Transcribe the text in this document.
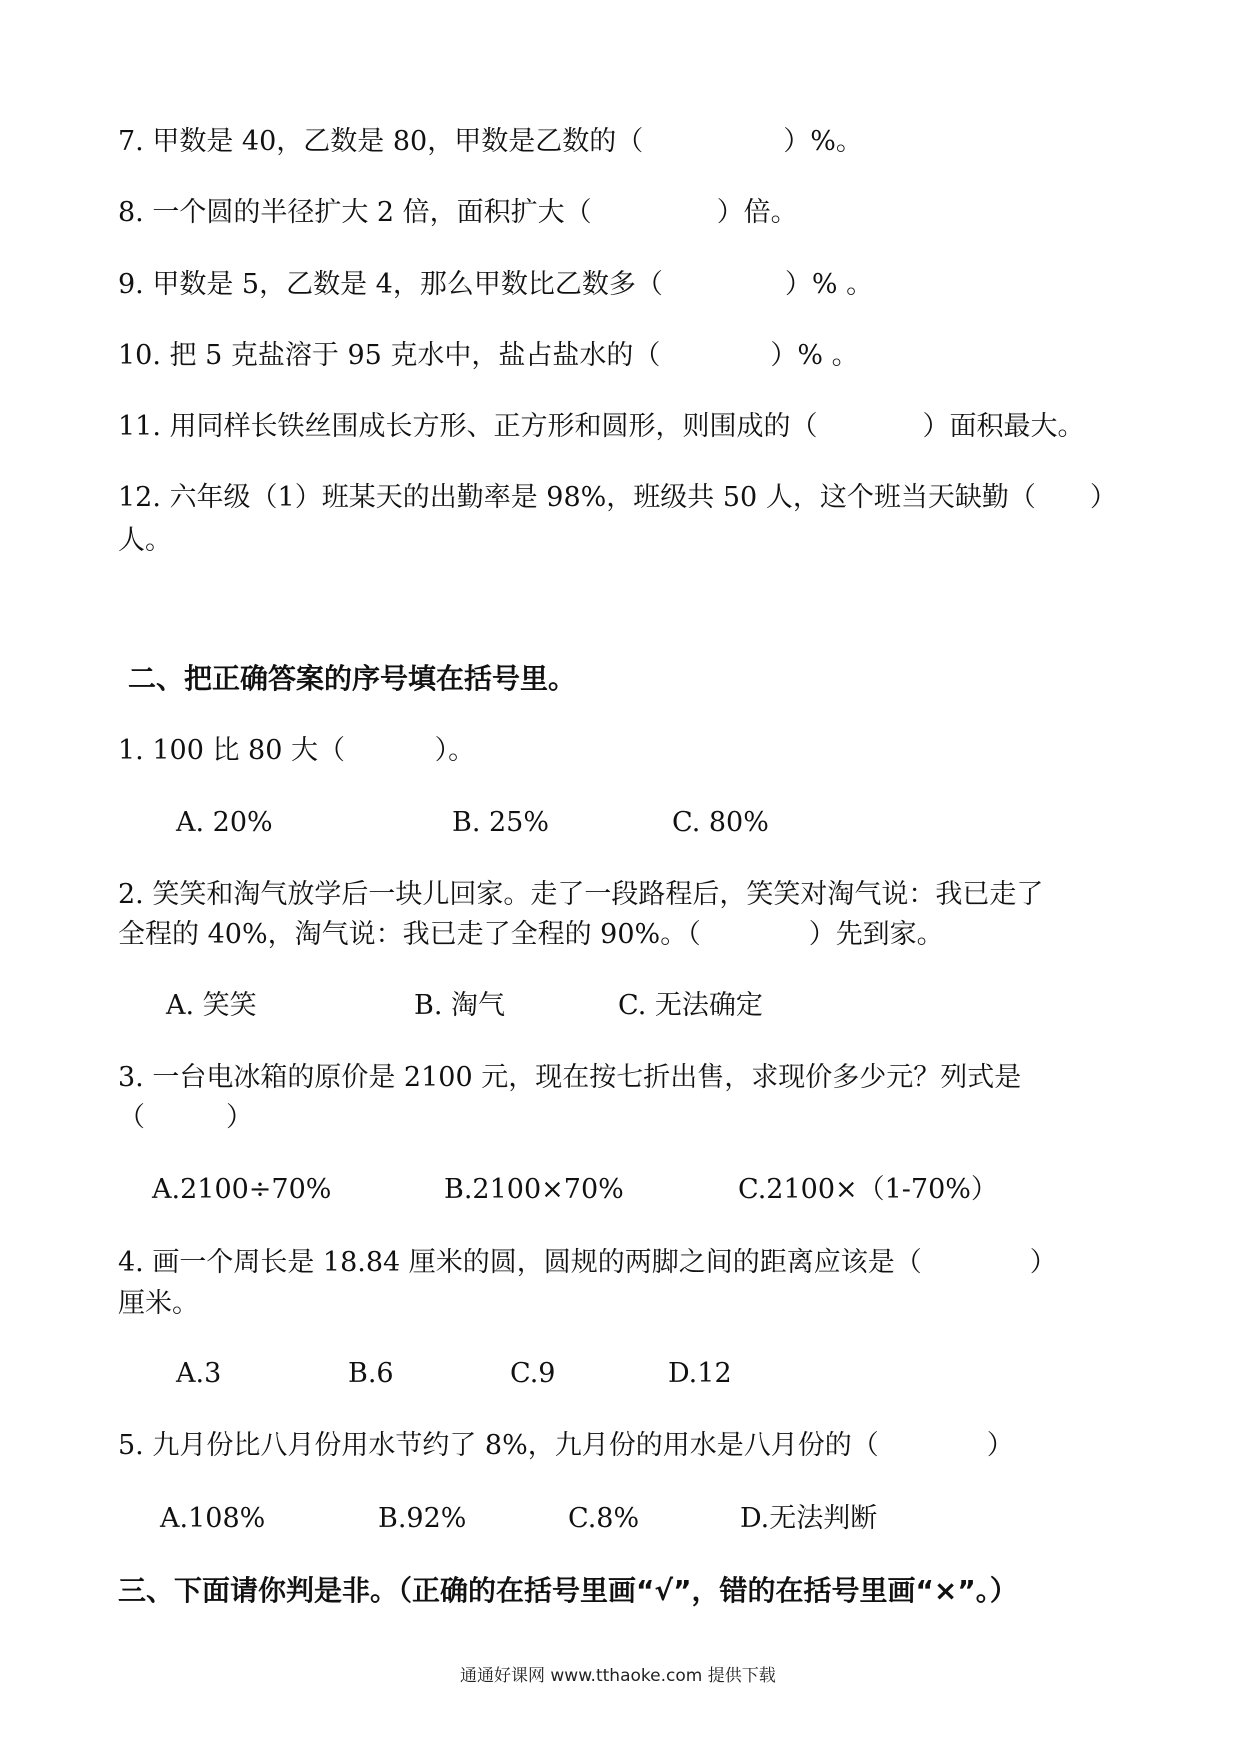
7. 甲数是 40，乙数是 80，甲数是乙数的（	）%。
8. 一个圆的半径扩大 2 倍，面积扩大（	）倍。
9. 甲数是 5，乙数是 4，那么甲数比乙数多（	）% 。
10. 把 5 克盐溶于 95 克水中，盐占盐水的（	）% 。
11. 用同样长铁丝围成长方形、正方形和圆形，则围成的（	）面积最大。
12. 六年级（1）班某天的出勤率是 98%，班级共 50 人，这个班当天缺勤（　　）
人。
二、把正确答案的序号填在括号里。
1. 100 比 80 大（　　　 ）。
A. 20%	B. 25%	C. 80%
2. 笑笑和淘气放学后一块儿回家。走了一段路程后，笑笑对淘气说：我已走了
全程的 40%，淘气说：我已走了全程的 90%。（　　　　）先到家。
A. 笑笑	B. 淘气	C. 无法确定
3. 一台电冰箱的原价是 2100 元，现在按七折出售，求现价多少元？列式是
（　　　）
A.2100÷70%	B.2100×70%	C.2100×（1-70%）
4. 画一个周长是 18.84 厘米的圆，圆规的两脚之间的距离应该是（　　　　）
厘米。
A.3	B.6	C.9	D.12
5. 九月份比八月份用水节约了 8%，九月份的用水是八月份的（　　　　）
A.108%	B.92%	C.8%	D.无法判断
三、下面请你判是非。（正确的在括号里画“√”，错的在括号里画“×”。）
通通好课网 www.tthaoke.com 提供下载
